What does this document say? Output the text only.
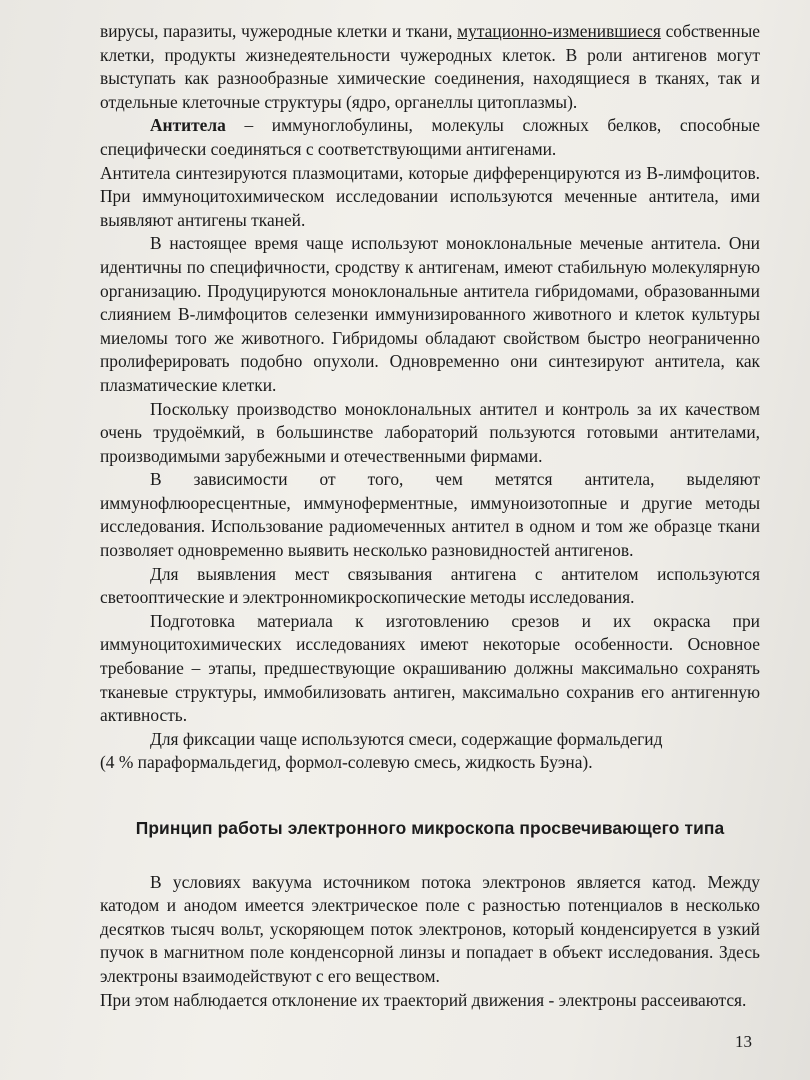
вирусы, паразиты, чужеродные клетки и ткани, мутационно-изменившиеся собственные клетки, продукты жизнедеятельности чужеродных клеток. В роли антигенов могут выступать как разнообразные химические соединения, находящиеся в тканях, так и отдельные клеточные структуры (ядро, органеллы цитоплазмы).

Антитела – иммуноглобулины, молекулы сложных белков, способные специфически соединяться с соответствующими антигенами.

Антитела синтезируются плазмоцитами, которые дифференцируются из В-лимфоцитов. При иммуноцитохимическом исследовании используются меченные антитела, ими выявляют антигены тканей.

В настоящее время чаще используют моноклональные меченые антитела. Они идентичны по специфичности, сродству к антигенам, имеют стабильную молекулярную организацию. Продуцируются моноклональные антитела гибридомами, образованными слиянием В-лимфоцитов селезенки иммунизированного животного и клеток культуры миеломы того же животного. Гибридомы обладают свойством быстро неограниченно пролиферировать подобно опухоли. Одновременно они синтезируют антитела, как плазматические клетки.

Поскольку производство моноклональных антител и контроль за их качеством очень трудоёмкий, в большинстве лабораторий пользуются готовыми антителами, производимыми зарубежными и отечественными фирмами.

В зависимости от того, чем метятся антитела, выделяют иммунофлюоресцентные, иммуноферментные, иммуноизотопные и другие методы исследования. Использование радиомеченных антител в одном и том же образце ткани позволяет одновременно выявить несколько разновидностей антигенов.

Для выявления мест связывания антигена с антителом используются светооптические и электронномикроскопические методы исследования.

Подготовка материала к изготовлению срезов и их окраска при иммуноцитохимических исследованиях имеют некоторые особенности. Основное требование – этапы, предшествующие окрашиванию должны максимально сохранять тканевые структуры, иммобилизовать антиген, максимально сохранив его антигенную активность.

Для фиксации чаще используются смеси, содержащие формальдегид

(4 % параформальдегид, формол-солевую смесь, жидкость Буэна).

Принцип работы электронного микроскопа просвечивающего типа

В условиях вакуума источником потока электронов является катод. Между катодом и анодом имеется электрическое поле с разностью потенциалов в несколько десятков тысяч вольт, ускоряющем поток электронов, который конденсируется в узкий пучок в магнитном поле конденсорной линзы и попадает в объект исследования. Здесь электроны взаимодействуют с его веществом.

При этом наблюдается отклонение их траекторий движения - электроны рассеиваются.

13
